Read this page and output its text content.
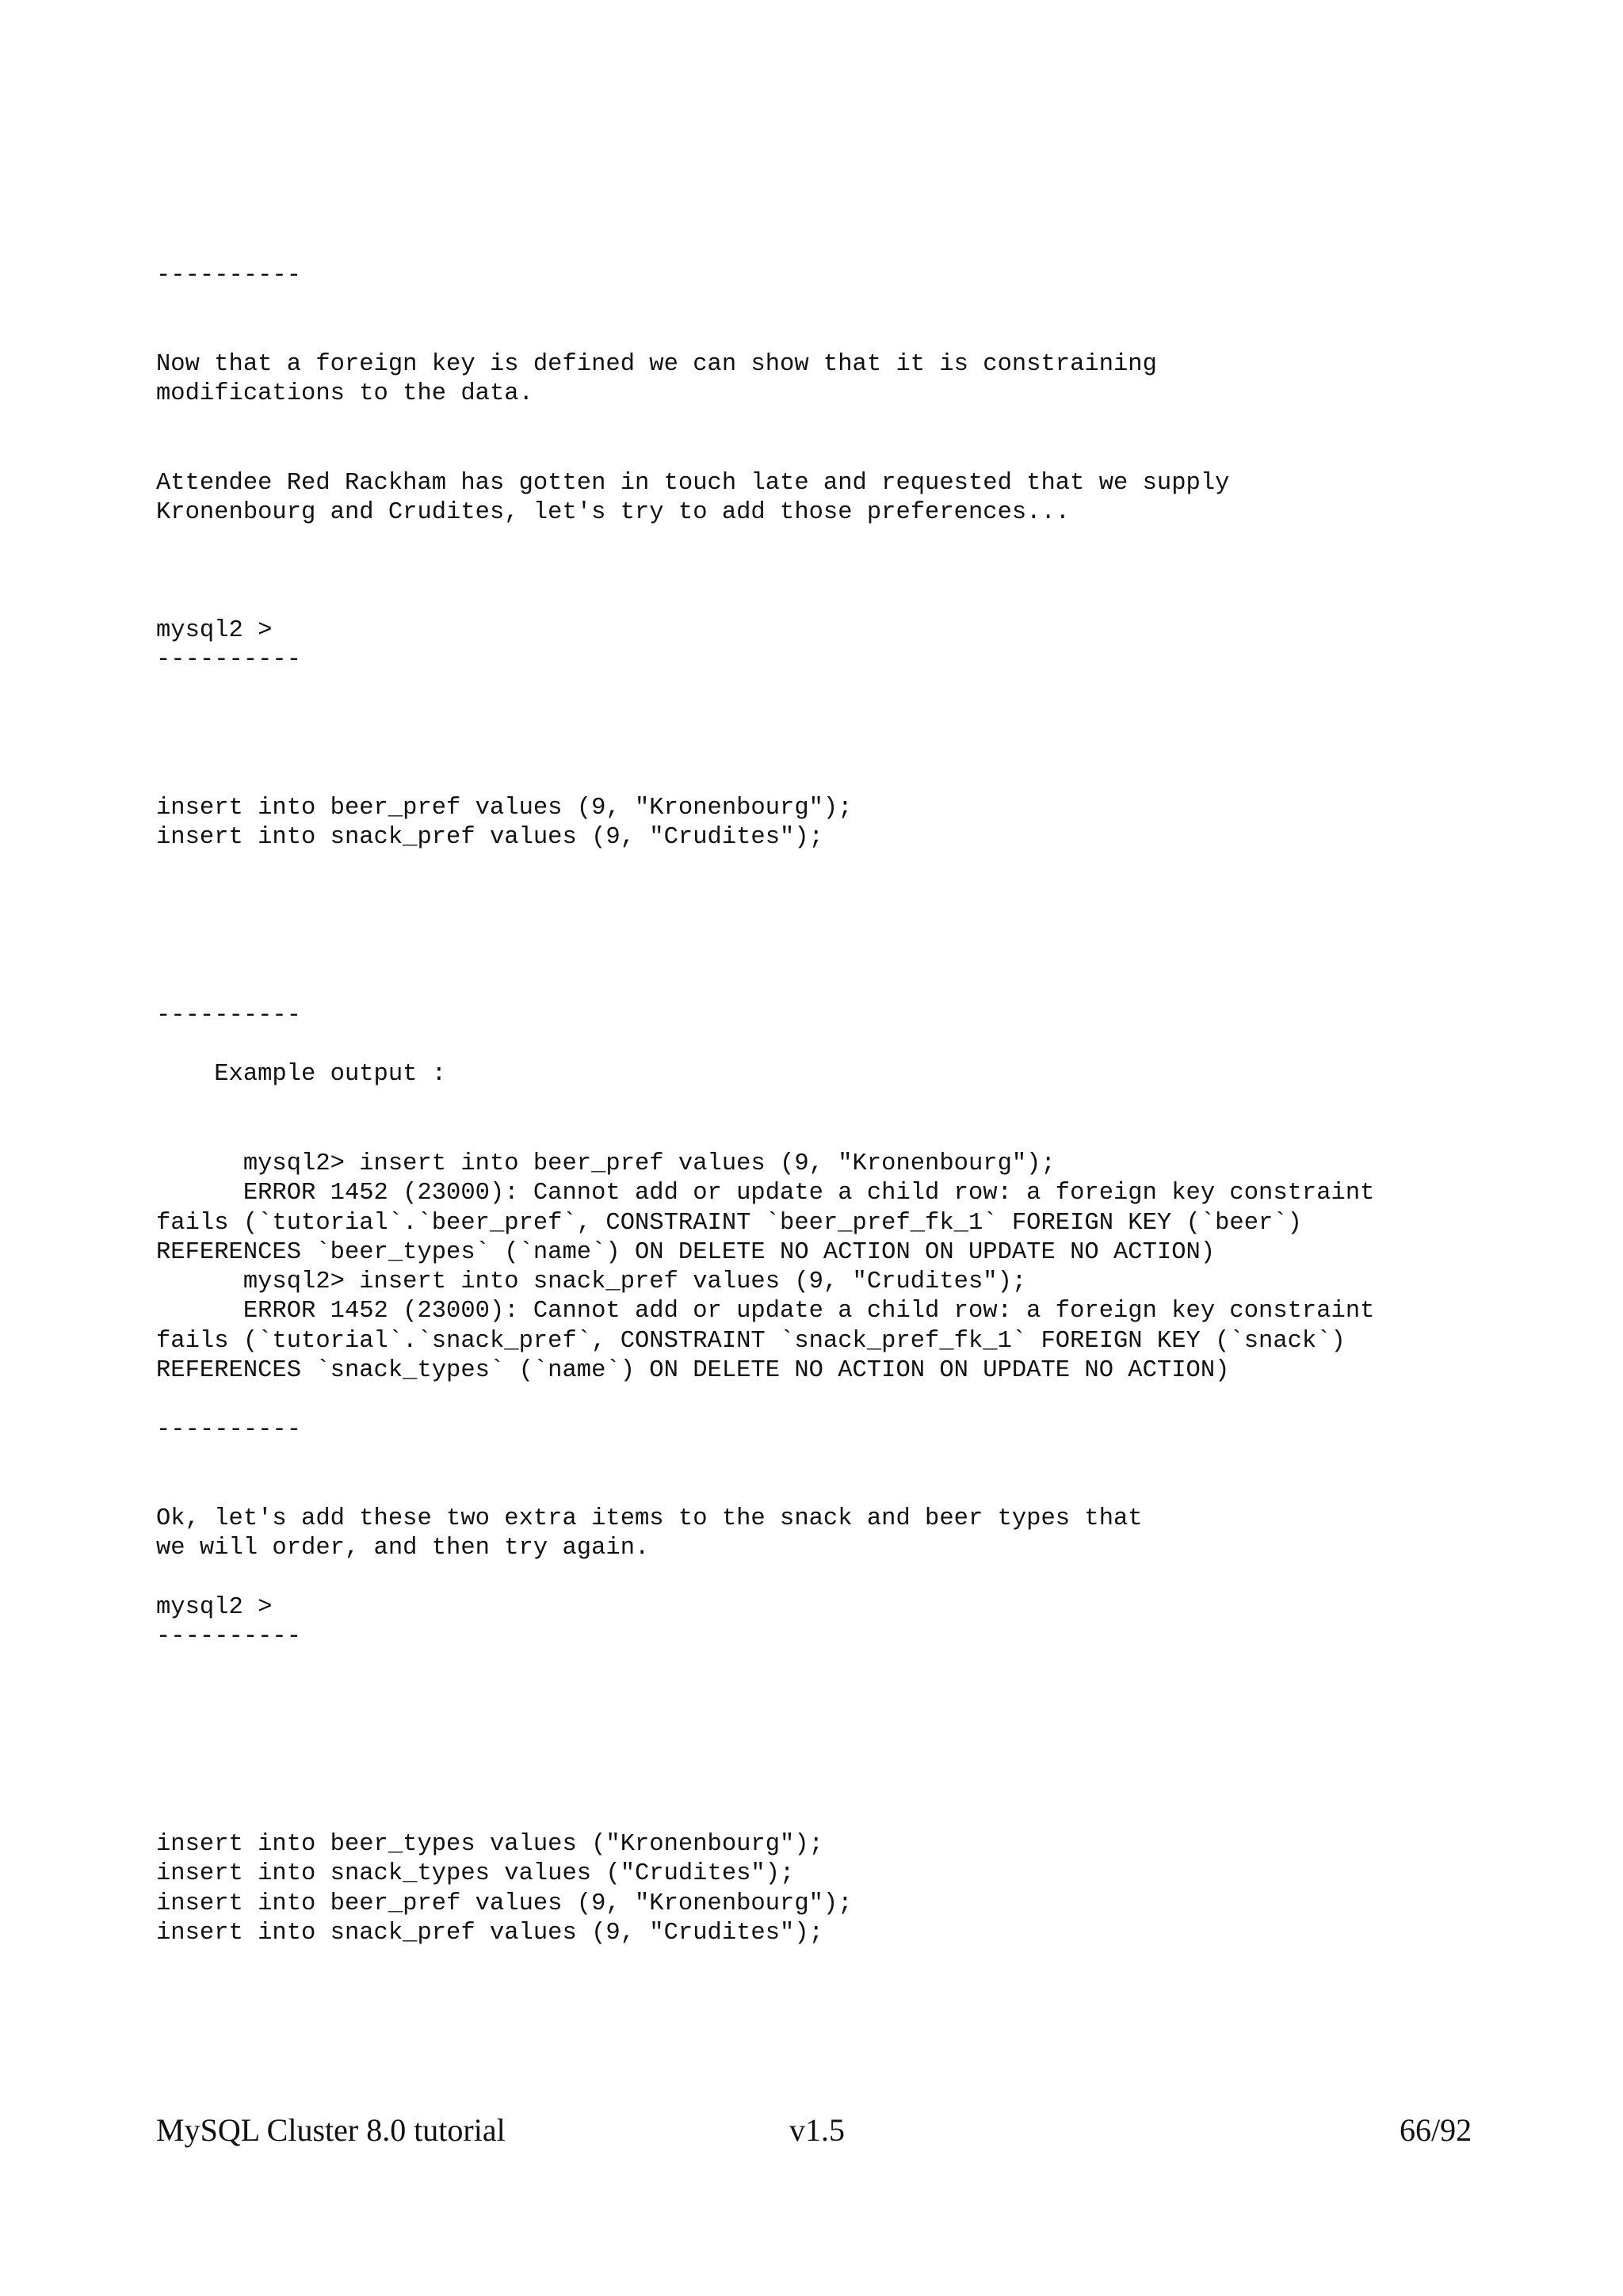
----------
Now that a foreign key is defined we can show that it is constraining
modifications to the data.
Attendee Red Rackham has gotten in touch late and requested that we supply
Kronenbourg and Crudites, let's try to add those preferences...
mysql2 >
----------
insert into beer_pref values (9, "Kronenbourg");
insert into snack_pref values (9, "Crudites");
----------
Example output :
mysql2> insert into beer_pref values (9, "Kronenbourg");
ERROR 1452 (23000): Cannot add or update a child row: a foreign key constraint
fails (`tutorial`.`beer_pref`, CONSTRAINT `beer_pref_fk_1` FOREIGN KEY (`beer`)
REFERENCES `beer_types` (`name`) ON DELETE NO ACTION ON UPDATE NO ACTION)
mysql2> insert into snack_pref values (9, "Crudites");
ERROR 1452 (23000): Cannot add or update a child row: a foreign key constraint
fails (`tutorial`.`snack_pref`, CONSTRAINT `snack_pref_fk_1` FOREIGN KEY (`snack`)
REFERENCES `snack_types` (`name`) ON DELETE NO ACTION ON UPDATE NO ACTION)
----------
Ok, let's add these two extra items to the snack and beer types that
we will order, and then try again.
mysql2 >
----------
insert into beer_types values ("Kronenbourg");
insert into snack_types values ("Crudites");
insert into beer_pref values (9, "Kronenbourg");
insert into snack_pref values (9, "Crudites");
MySQL Cluster 8.0 tutorial	v1.5	66/92
